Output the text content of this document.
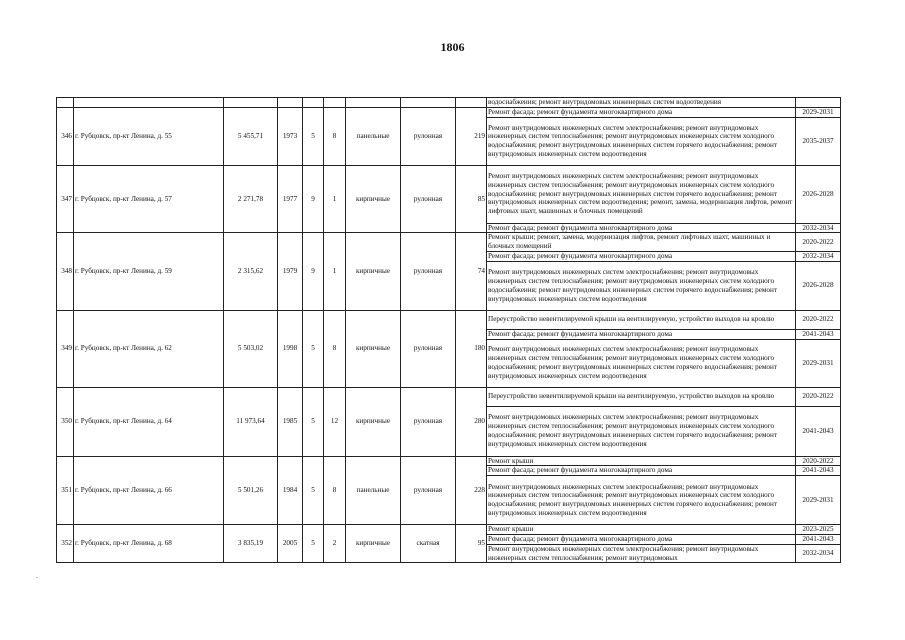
1806
									водоснабжения; ремонт внутридомовых инженерных систем водоотведения	
346	г. Рубцовск, пр-кт Ленина, д. 55	5 455,71	1973	5	8	панельные	рулонная	219	Ремонт фасада; ремонт фундамента многоквартирного дома	2029-2031
									Ремонт внутридомовых инженерных систем электроснабжения; ремонт внутридомовых инженерных систем теплоснабжения; ремонт внутридомовых инженерных систем холодного водоснабжения; ремонт внутридомовых инженерных систем горячего водоснабжения; ремонт внутридомовых инженерных систем водоотведения	2035-2037
347	г. Рубцовск, пр-кт Ленина, д. 57	2 271,78	1977	9	1	кирпичные	рулонная	85	Ремонт внутридомовых инженерных систем электроснабжения; ремонт внутридомовых инженерных систем теплоснабжения; ремонт внутридомовых инженерных систем холодного водоснабжения; ремонт внутридомовых инженерных систем горячего водоснабжения; ремонт внутридомовых инженерных систем водоотведения; ремонт, замена, модернизация лифтов, ремонт лифтовых шахт, машинных и блочных помещений	2026-2028
									Ремонт фасада; ремонт фундамента многоквартирного дома	2032-2034
348	г. Рубцовск, пр-кт Ленина, д. 59	2 315,62	1979	9	1	кирпичные	рулонная	74	Ремонт крыши; ремонт, замена, модернизация лифтов, ремонт лифтовых шахт, машинных и блочных помещений	2020-2022
									Ремонт фасада; ремонт фундамента многоквартирного дома	2032-2034
									Ремонт внутридомовых инженерных систем электроснабжения; ремонт внутридомовых инженерных систем теплоснабжения; ремонт внутридомовых инженерных систем холодного водоснабжения; ремонт внутридомовых инженерных систем горячего водоснабжения; ремонт внутридомовых инженерных систем водоотведения	2026-2028
349	г. Рубцовск, пр-кт Ленина, д. 62	5 503,02	1998	5	8	кирпичные	рулонная	180	Переустройство невентилируемой крыши на вентилируемую, устройство выходов на кровлю	2020-2022
									Ремонт фасада; ремонт фундамента многоквартирного дома	2041-2043
									Ремонт внутридомовых инженерных систем электроснабжения; ремонт внутридомовых инженерных систем теплоснабжения; ремонт внутридомовых инженерных систем холодного водоснабжения; ремонт внутридомовых инженерных систем горячего водоснабжения; ремонт внутридомовых инженерных систем водоотведения	2029-2031
350	г. Рубцовск, пр-кт Ленина, д. 64	11 973,64	1985	5	12	кирпичные	рулонная	280	Переустройство невентилируемой крыши на вентилируемую, устройство выходов на кровлю	2020-2022
									Ремонт внутридомовых инженерных систем электроснабжения; ремонт внутридомовых инженерных систем теплоснабжения; ремонт внутридомовых инженерных систем холодного водоснабжения; ремонт внутридомовых инженерных систем горячего водоснабжения; ремонт внутридомовых инженерных систем водоотведения	2041-2043
351	г. Рубцовск, пр-кт Ленина, д. 66	5 501,26	1984	5	8	панельные	рулонная	228	Ремонт крыши	2020-2022
									Ремонт фасада; ремонт фундамента многоквартирного дома	2041-2043
									Ремонт внутридомовых инженерных систем электроснабжения; ремонт внутридомовых инженерных систем теплоснабжения; ремонт внутридомовых инженерных систем холодного водоснабжения; ремонт внутридомовых инженерных систем горячего водоснабжения; ремонт внутридомовых инженерных систем водоотведения	2029-2031
352	г. Рубцовск, пр-кт Ленина, д. 68	3 835,19	2005	5	2	кирпичные	скатная	95	Ремонт крыши	2023-2025
									Ремонт фасада; ремонт фундамента многоквартирного дома	2041-2043
									Ремонт внутридомовых инженерных систем электроснабжения; ремонт внутридомовых инженерных систем теплоснабжения; ремонт внутридомовых	2032-2034
-
